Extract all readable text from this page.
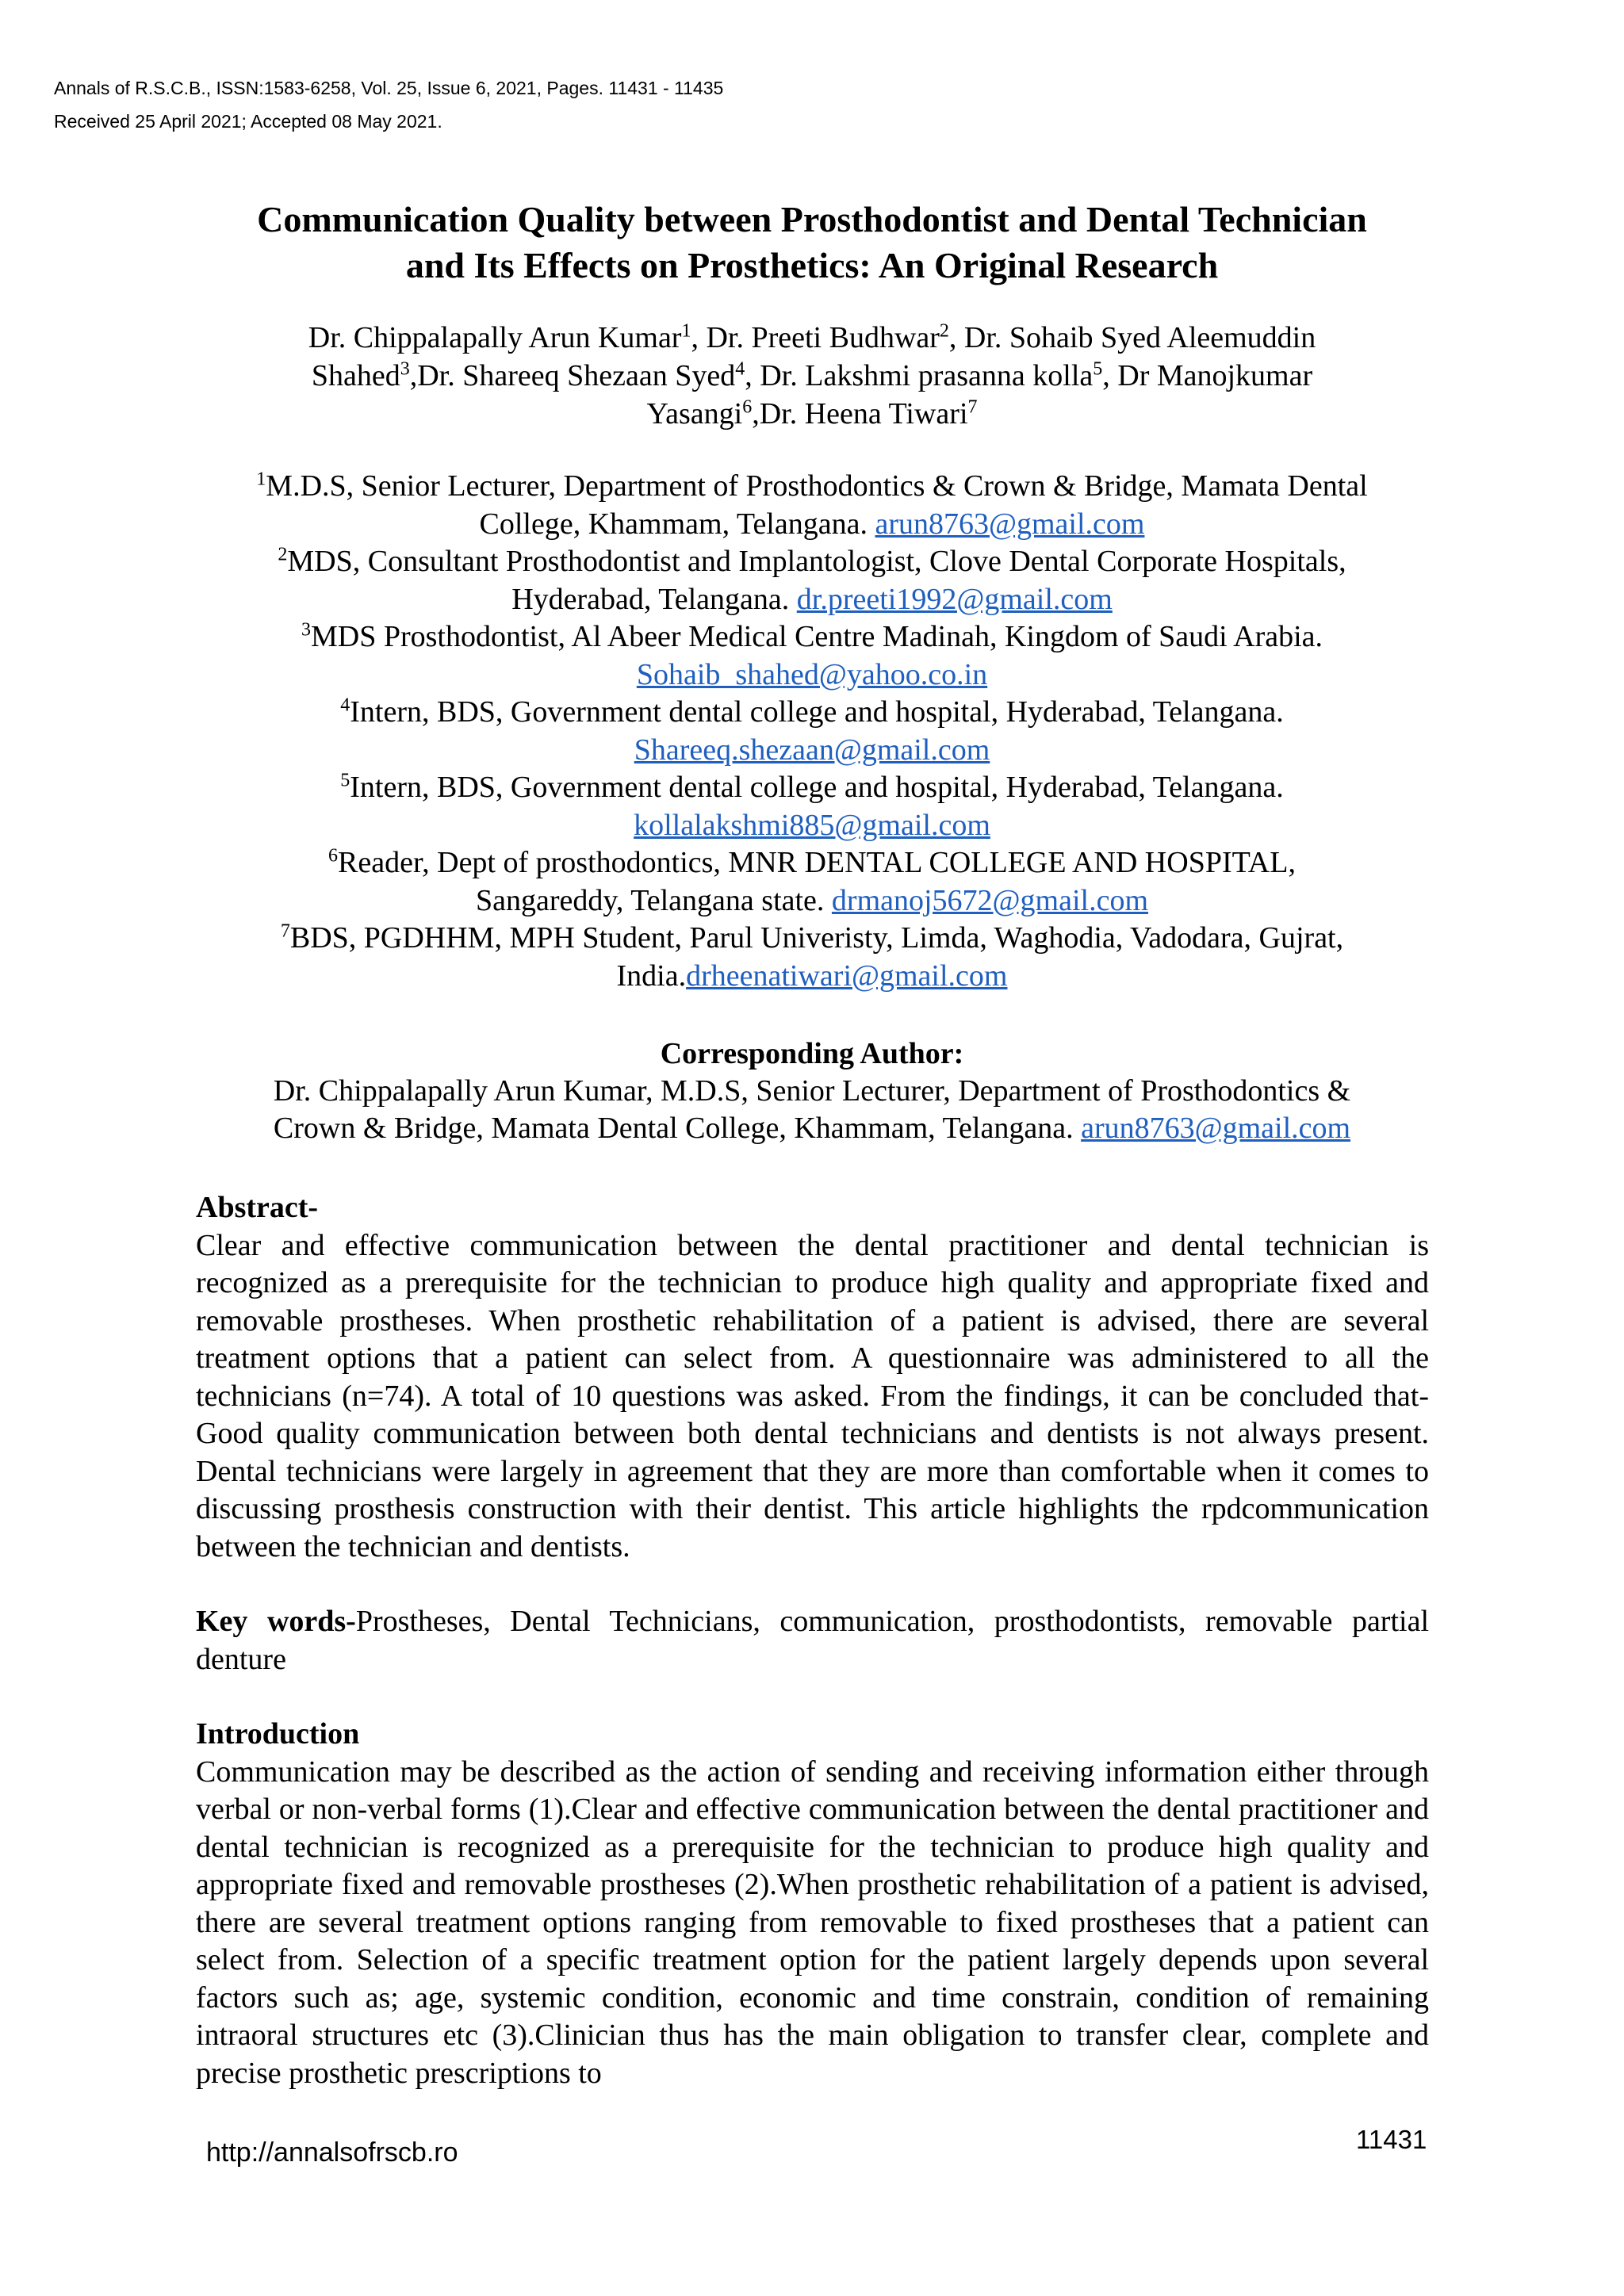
Annals of R.S.C.B., ISSN:1583-6258, Vol. 25, Issue 6, 2021, Pages. 11431 - 11435
Received 25 April 2021; Accepted 08 May 2021.
Communication Quality between Prosthodontist and Dental Technician
and Its Effects on Prosthetics: An Original Research
Dr. Chippalapally Arun Kumar$^1$, Dr. Preeti Budhwar$^2$, Dr. Sohaib Syed Aleemuddin
Shahed$^3$,Dr. Shareeq Shezaan Syed$^4$, Dr. Lakshmi prasanna kolla$^5$, Dr Manojkumar
Yasangi$^6$,Dr. Heena Tiwari$^7$
$^1$M.D.S, Senior Lecturer, Department of Prosthodontics & Crown & Bridge, Mamata Dental
College, Khammam, Telangana. arun8763@gmail.com
$^2$MDS, Consultant Prosthodontist and Implantologist, Clove Dental Corporate Hospitals,
Hyderabad, Telangana. dr.preeti1992@gmail.com
$^3$MDS Prosthodontist, Al Abeer Medical Centre Madinah, Kingdom of Saudi Arabia.
Sohaib_shahed@yahoo.co.in
$^4$Intern, BDS, Government dental college and hospital, Hyderabad, Telangana.
Shareeq.shezaan@gmail.com
$^5$Intern, BDS, Government dental college and hospital, Hyderabad, Telangana.
kollalakshmi885@gmail.com
$^6$Reader, Dept of prosthodontics, MNR DENTAL COLLEGE AND HOSPITAL,
Sangareddy, Telangana state. drmanoj5672@gmail.com
$^7$BDS, PGDHHM, MPH Student, Parul Univeristy, Limda, Waghodia, Vadodara, Gujrat,
India.drheenatiwari@gmail.com
Corresponding Author:
Dr. Chippalapally Arun Kumar, M.D.S, Senior Lecturer, Department of Prosthodontics &
Crown & Bridge, Mamata Dental College, Khammam, Telangana. arun8763@gmail.com
Abstract-
Clear and effective communication between the dental practitioner and dental technician is recognized as a prerequisite for the technician to produce high quality and appropriate fixed and removable prostheses. When prosthetic rehabilitation of a patient is advised, there are several treatment options that a patient can select from. A questionnaire was administered to all the technicians (n=74). A total of 10 questions was asked. From the findings, it can be concluded that- Good quality communication between both dental technicians and dentists is not always present. Dental technicians were largely in agreement that they are more than comfortable when it comes to discussing prosthesis construction with their dentist. This article highlights the rpdcommunication between the technician and dentists.
Key words-Prostheses, Dental Technicians, communication, prosthodontists, removable partial denture
Introduction
Communication may be described as the action of sending and receiving information either through verbal or non-verbal forms (1).Clear and effective communication between the dental practitioner and dental technician is recognized as a prerequisite for the technician to produce high quality and appropriate fixed and removable prostheses (2).When prosthetic rehabilitation of a patient is advised, there are several treatment options ranging from removable to fixed prostheses that a patient can select from. Selection of a specific treatment option for the patient largely depends upon several factors such as; age, systemic condition, economic and time constrain, condition of remaining intraoral structures etc (3).Clinician thus has the main obligation to transfer clear, complete and precise prosthetic prescriptions to
http://annalsofrscb.ro	11431
